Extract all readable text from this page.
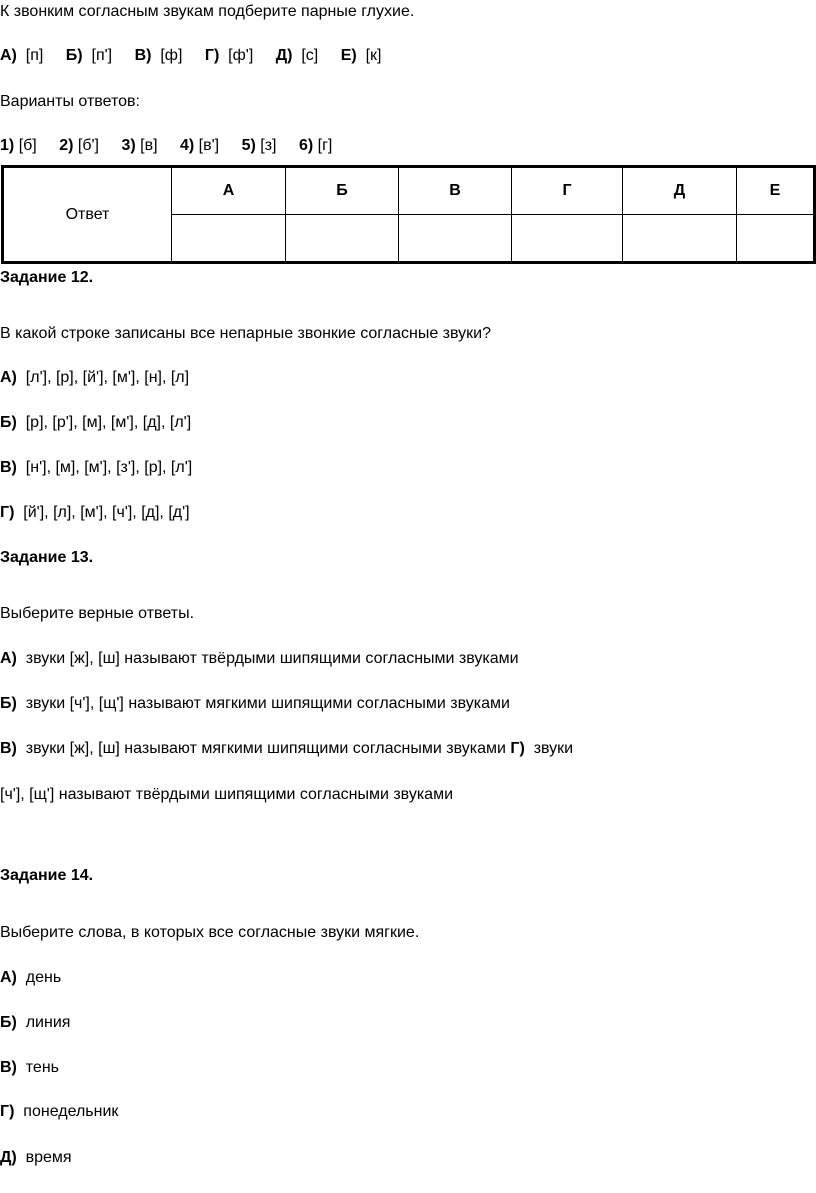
К звонким согласным звукам подберите парные глухие.
А) [п] Б) [п'] В) [ф] Г) [ф'] Д) [с] Е) [к]
Варианты ответов:
1) [б] 2) [б'] 3) [в] 4) [в'] 5) [з] 6) [г]
Ответ	А	Б	В	Г	Д	Е

Задание 12.
В какой строке записаны все непарные звонкие согласные звуки?
А) [л'], [р], [й'], [м'], [н], [л]
Б) [р], [р'], [м], [м'], [д], [л']
В) [н'], [м], [м'], [з'], [р], [л']
Г) [й'], [л], [м'], [ч'], [д], [д']
Задание 13.
Выберите верные ответы.
А) звуки [ж], [ш] называют твёрдыми шипящими согласными звуками
Б) звуки [ч'], [щ'] называют мягкими шипящими согласными звуками
В) звуки [ж], [ш] называют мягкими шипящими согласными звуками Г) звуки
[ч'], [щ'] называют твёрдыми шипящими согласными звуками
Задание 14.
Выберите слова, в которых все согласные звуки мягкие.
А) день
Б) линия
В) тень
Г) понедельник
Д) время
